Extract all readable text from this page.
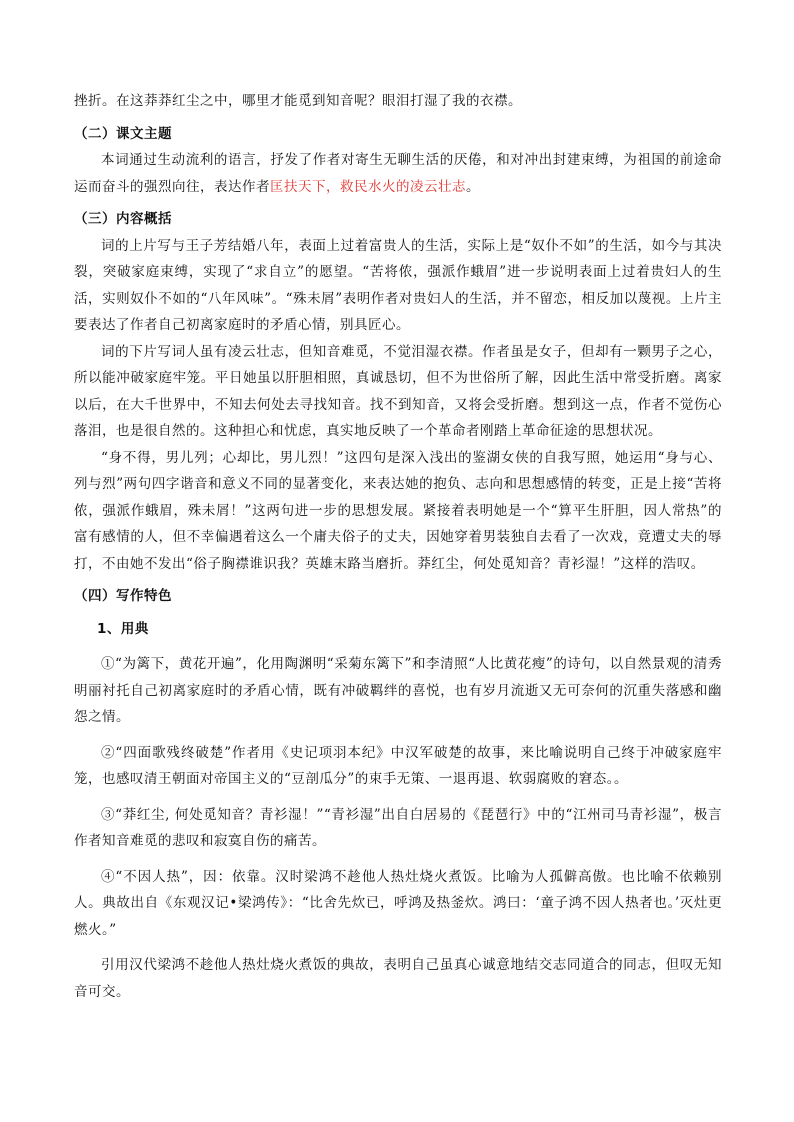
挫折。在这莽莽红尘之中，哪里才能觅到知音呢？眼泪打湿了我的衣襟。

（二）课文主题

本词通过生动流利的语言，抒发了作者对寄生无聊生活的厌倦，和对冲出封建束缚，为祖国的前途命运而奋斗的强烈向往，表达作者匡扶天下，救民水火的凌云壮志。

（三）内容概括

词的上片写与王子芳结婚八年，表面上过着富贵人的生活，实际上是“奴仆不如”的生活，如今与其决裂，突破家庭束缚，实现了“求自立”的愿望。“苦将侬，强派作蛾眉”进一步说明表面上过着贵妇人的生活，实则奴仆不如的“八年风味”。“殊未屑”表明作者对贵妇人的生活，并不留恋，相反加以蔑视。上片主要表达了作者自己初离家庭时的矛盾心情，别具匠心。

词的下片写词人虽有凌云壮志，但知音难觅，不觉泪湿衣襟。作者虽是女子，但却有一颗男子之心，所以能冲破家庭牢笼。平日她虽以肝胆相照，真诚恳切，但不为世俗所了解，因此生活中常受折磨。离家以后，在大千世界中，不知去何处去寻找知音。找不到知音，又将会受折磨。想到这一点，作者不觉伤心落泪，也是很自然的。这种担心和忧虑，真实地反映了一个革命者刚踏上革命征途的思想状况。

“身不得，男儿列；心却比，男儿烈！”这四句是深入浅出的鉴湖女侠的自我写照，她运用“身与心、列与烈”两句四字谐音和意义不同的显著变化，来表达她的抱负、志向和思想感情的转变，正是上接“苦将侬，强派作蛾眉，殊未屑！”这两句进一步的思想发展。紧接着表明她是一个“算平生肝胆，因人常热”的富有感情的人，但不幸偏遇着这么一个庸夫俗子的丈夫，因她穿着男装独自去看了一次戏，竟遭丈夫的辱打，不由她不发出“俗子胸襟谁识我？英雄末路当磨折。莽红尘，何处觅知音？青衫湿！”这样的浩叹。

（四）写作特色
1、用典

①“为篱下，黄花开遍”，化用陶渊明“采菊东篱下”和李清照“人比黄花瘦”的诗句，以自然景观的清秀明丽衬托自己初离家庭时的矛盾心情，既有冲破羁绊的喜悦，也有岁月流逝又无可奈何的沉重失落感和幽怨之情。

②“四面歌残终破楚”作者用《史记项羽本纪》中汉军破楚的故事，来比喻说明自己终于冲破家庭牢笼，也感叹清王朝面对帝国主义的“豆剖瓜分”的束手无策、一退再退、软弱腐败的窘态。。

③“莽红尘, 何处觅知音？青衫湿！”“青衫湿”出自白居易的《琵琶行》中的“江州司马青衫湿”，极言作者知音难觅的悲叹和寂寞自伤的痛苦。

④“不因人热”，因：依靠。汉时梁鸿不趁他人热灶烧火煮饭。比喻为人孤僻高傲。也比喻不依赖别人。典故出自《东观汉记•梁鸿传》：“比舍先炊已，呼鸿及热釜炊。鸿曰：‘童子鸿不因人热者也。’灭灶更燃火。”

引用汉代梁鸿不趁他人热灶烧火煮饭的典故，表明自己虽真心诚意地结交志同道合的同志，但叹无知音可交。
